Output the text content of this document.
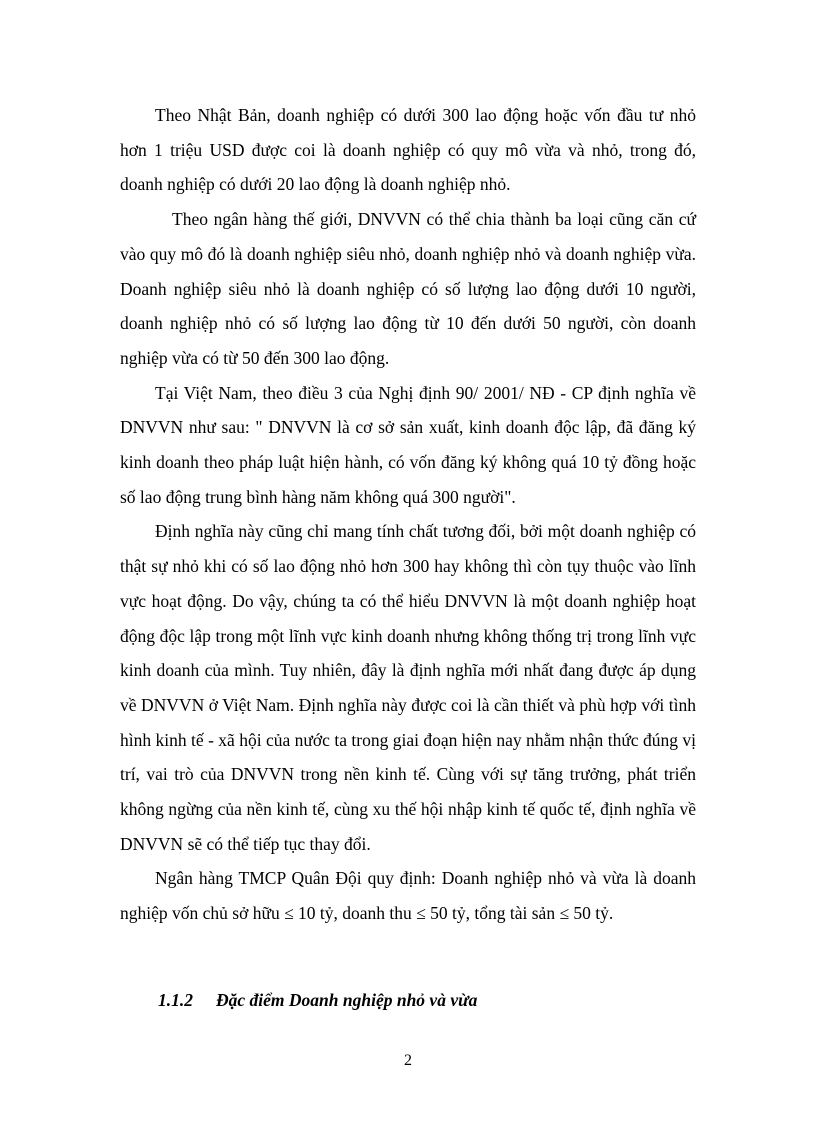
Theo Nhật Bản, doanh nghiệp có dưới 300 lao động hoặc vốn đầu tư nhỏ hơn 1 triệu USD được coi là doanh nghiệp có quy mô vừa và nhỏ, trong đó, doanh nghiệp có dưới 20 lao động là doanh nghiệp nhỏ.

Theo ngân hàng thế giới, DNVVN có thể chia thành ba loại cũng căn cứ vào quy mô đó là doanh nghiệp siêu nhỏ, doanh nghiệp nhỏ và doanh nghiệp vừa. Doanh nghiệp siêu nhỏ là doanh nghiệp có số lượng lao động dưới 10 người, doanh nghiệp nhỏ có số lượng lao động từ 10 đến dưới 50 người, còn doanh nghiệp vừa có từ 50 đến 300 lao động.

Tại Việt Nam, theo điều 3 của Nghị định 90/ 2001/ NĐ - CP định nghĩa về DNVVN như sau: " DNVVN là cơ sở sản xuất, kinh doanh độc lập, đã đăng ký kinh doanh theo pháp luật hiện hành, có vốn đăng ký không quá 10 tỷ đồng hoặc số lao động trung bình hàng năm không quá 300 người".

Định nghĩa này cũng chỉ mang tính chất tương đối, bởi một doanh nghiệp có thật sự nhỏ khi có số lao động nhỏ hơn 300 hay không thì còn tụy thuộc vào lĩnh vực hoạt động. Do vậy, chúng ta có thể hiểu DNVVN là một doanh nghiệp hoạt động độc lập trong một lĩnh vực kinh doanh nhưng không thống trị trong lĩnh vực kinh doanh của mình. Tuy nhiên, đây là định nghĩa mới nhất đang được áp dụng về DNVVN ở Việt Nam. Định nghĩa này được coi là cần thiết và phù hợp với tình hình kinh tế - xã hội của nước ta trong giai đoạn hiện nay nhằm nhận thức đúng vị trí, vai trò của DNVVN trong nền kinh tế. Cùng với sự tăng trưởng, phát triển không ngừng của nền kinh tế, cùng xu thế hội nhập kinh tế quốc tế, định nghĩa về DNVVN sẽ có thể tiếp tục thay đổi.

Ngân hàng TMCP Quân Đội quy định: Doanh nghiệp nhỏ và vừa là doanh nghiệp vốn chủ sở hữu ≤ 10 tỷ, doanh thu ≤ 50 tỷ, tổng tài sản ≤ 50 tỷ.

1.1.2 Đặc điểm Doanh nghiệp nhỏ và vừa
2
